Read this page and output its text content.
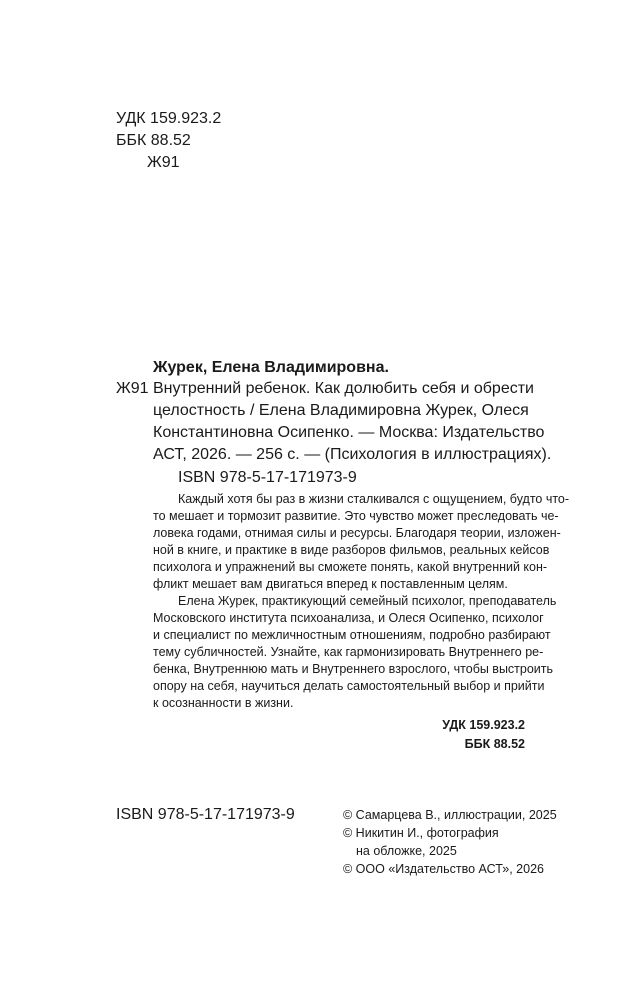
УДК 159.923.2

ББК 88.52

Ж91

Журек, Елена Владимировна.

Ж91 Внутренний ребенок. Как долюбить себя и обрести

целостность / Елена Владимировна Журек, Олеся

Константиновна Осипенко. — Москва: Издательство

АСТ, 2026. — 256 с. — (Психология в иллюстрациях).

ISBN 978-5-17-171973-9

Каждый хотя бы раз в жизни сталкивался с ощущением, будто что-

то мешает и тормозит развитие. Это чувство может преследовать че-

ловека годами, отнимая силы и ресурсы. Благодаря теории, изложен-

ной в книге, и практике в виде разборов фильмов, реальных кейсов

психолога и упражнений вы сможете понять, какой внутренний кон-

фликт мешает вам двигаться вперед к поставленным целям.

Елена Журек, практикующий семейный психолог, преподаватель

Московского института психоанализа, и Олеся Осипенко, психолог

и специалист по межличностным отношениям, подробно разбирают

тему субличностей. Узнайте, как гармонизировать Внутреннего ре-

бенка, Внутреннюю мать и Внутреннего взрослого, чтобы выстроить

опору на себя, научиться делать самостоятельный выбор и прийти

к осознанности в жизни.

УДК 159.923.2

ББК 88.52

ISBN 978-5-17-171973-9	© Самарцева В., иллюстрации, 2025

© Никитин И., фотография

на обложке, 2025

© ООО «Издательство АСТ», 2026
